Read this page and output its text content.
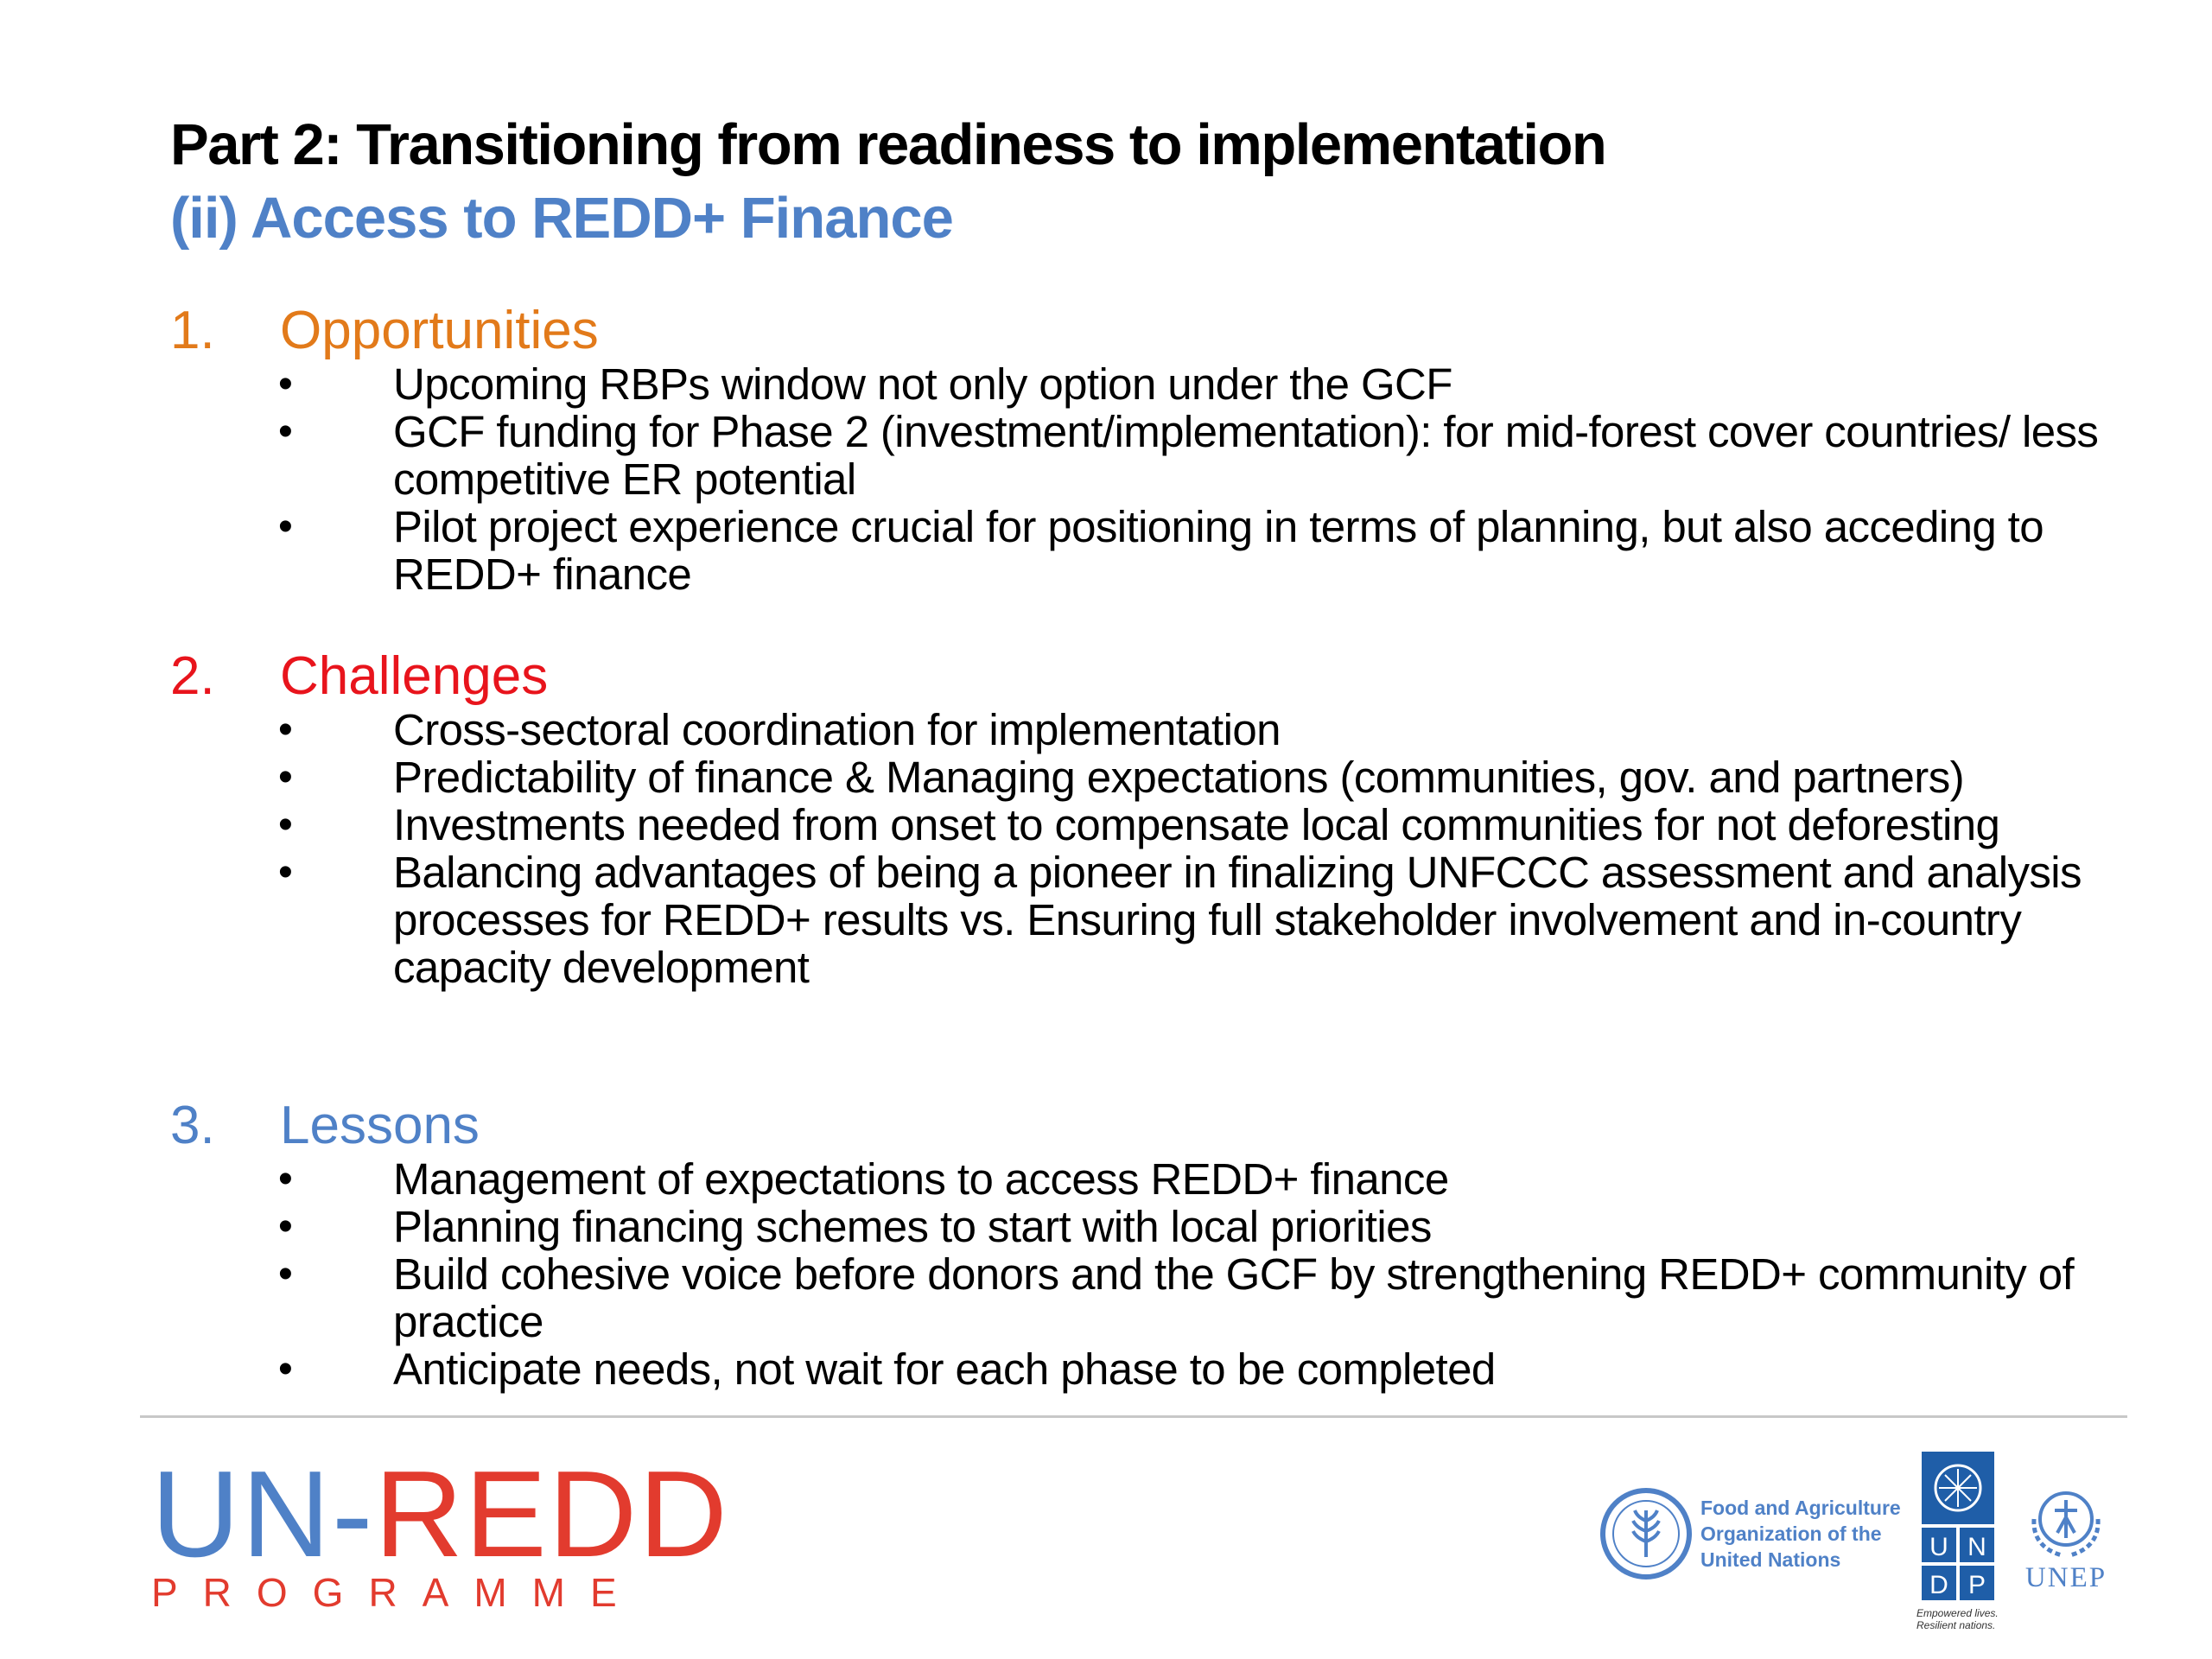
Part 2: Transitioning from readiness to implementation
(ii) Access to REDD+ Finance
1. Opportunities
• Upcoming RBPs window not only option under the GCF
• GCF funding for Phase 2 (investment/implementation): for mid-forest cover countries/ less competitive ER potential
• Pilot project experience crucial for positioning in terms of planning, but also acceding to REDD+ finance
2. Challenges
• Cross-sectoral coordination for implementation
• Predictability of finance & Managing expectations (communities, gov. and partners)
• Investments needed from onset to compensate local communities for not deforesting
• Balancing advantages of being a pioneer in finalizing UNFCCC assessment and analysis processes for REDD+ results vs. Ensuring full stakeholder involvement and in-country capacity development
3. Lessons
• Management of expectations to access REDD+ finance
• Planning financing schemes to start with local priorities
• Build cohesive voice before donors and the GCF by strengthening REDD+ community of practice
• Anticipate needs, not wait for each phase to be completed
UN-REDD
PROGRAMME
Food and Agriculture
Organization of the
United Nations	U N
D P
Empowered lives.
Resilient nations.
UNEP
